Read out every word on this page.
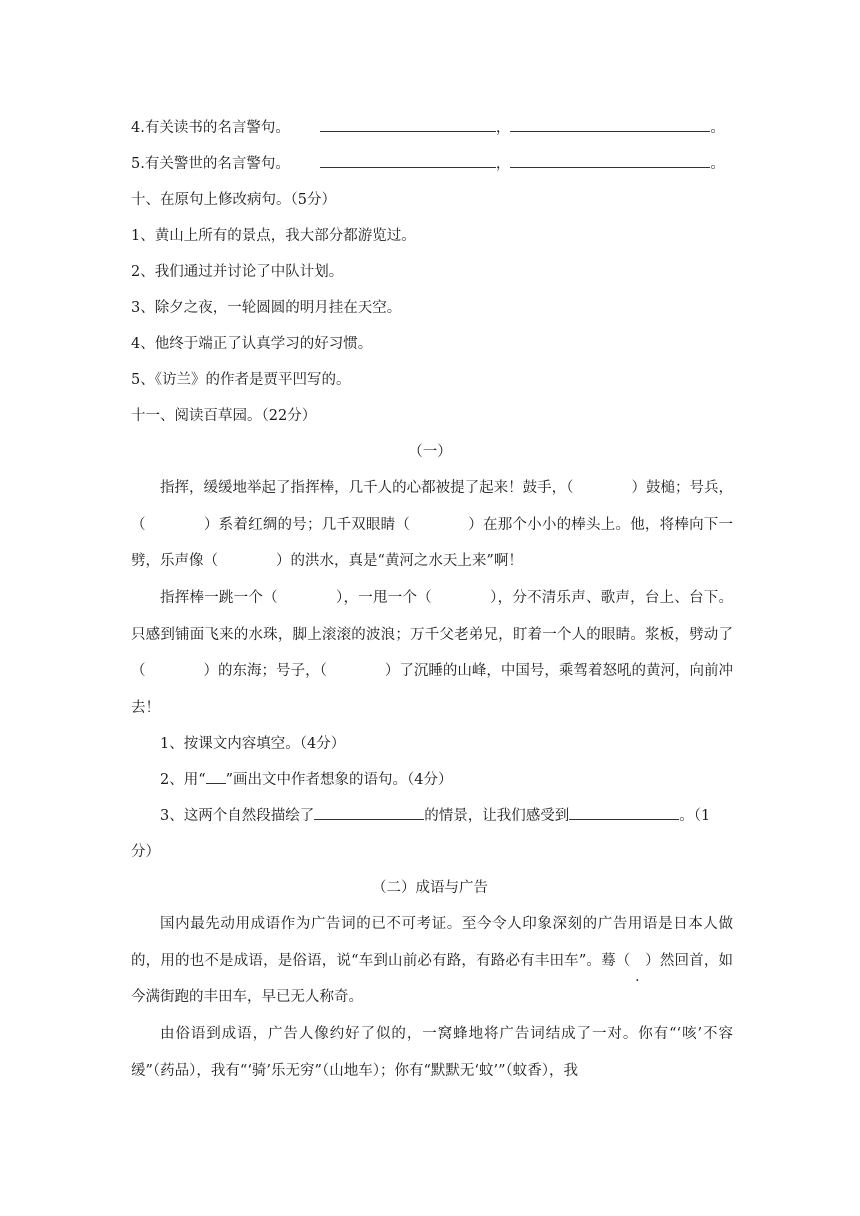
4.有关读书的名言警句。	，	。
5.有关警世的名言警句。	，	。
十、在原句上修改病句。（5分）
1、黄山上所有的景点，我大部分都游览过。
2、我们通过并讨论了中队计划。
3、除夕之夜，一轮圆圆的明月挂在天空。
4、他终于端正了认真学习的好习惯。
5、《访兰》的作者是贾平凹写的。
十一、阅读百草园。（22分）
（一）
指挥，缓缓地举起了指挥棒，几千人的心都被提了起来！鼓手，（	）鼓槌；号兵，（	）系着红绸的号；几千双眼睛（	）在那个小小的棒头上。他，将棒向下一劈，乐声像（	）的洪水，真是“黄河之水天上来”啊！
指挥棒一跳一个（	），一甩一个（	），分不清乐声、歌声，台上、台下。只感到铺面飞来的水珠，脚上滚滚的波浪；万千父老弟兄，盯着一个人的眼睛。浆板，劈动了（	）的东海；号子，（	）了沉睡的山峰，中国号，乘驾着怒吼的黄河，向前冲去！
1、按课文内容填空。（4分）
2、用“ ”画出文中作者想象的语句。（4分）
3、这两个自然段描绘了	的情景，让我们感受到	。（1
分）
（二）成语与广告
国内最先动用成语作为广告词的已不可考证。至今令人印象深刻的广告用语是日本人做的，用的也不是成语，是俗语，说“车到山前必有路，有路必有丰田车”。蓦 ·（　）然回首，如今满街跑的丰田车，早已无人称奇。
由俗语到成语，广告人像约好了似的，一窝蜂地将广告词结成了一对。你有“‘咳’不容缓”（药品），我有“‘骑’乐无穷”（山地车）；你有“默默无‘蚊’”（蚊香），我
